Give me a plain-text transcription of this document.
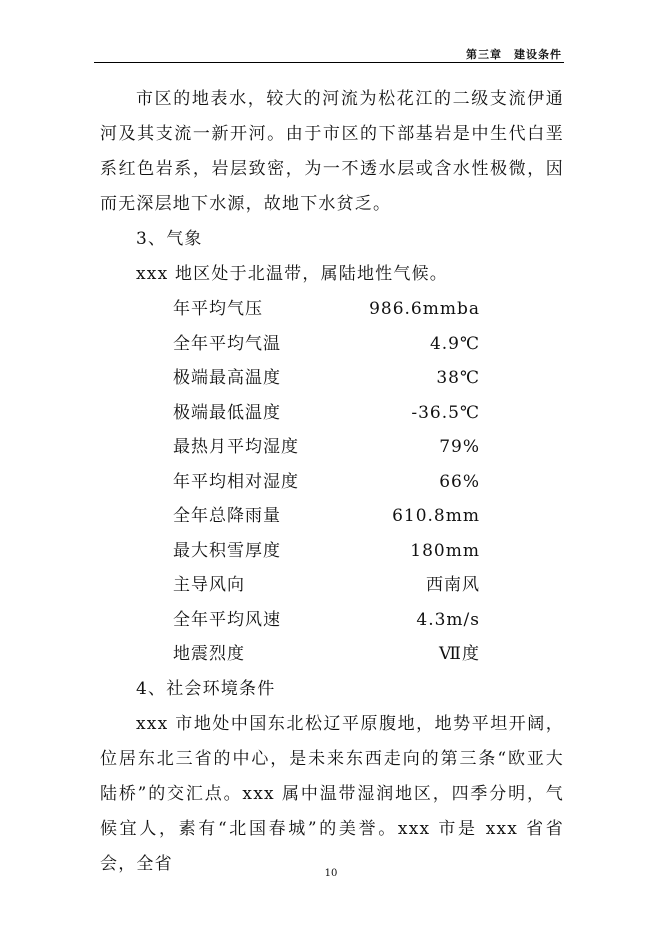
第三章　建设条件

市区的地表水，较大的河流为松花江的二级支流伊通河及其支流一新开河。由于市区的下部基岩是中生代白垩系红色岩系，岩层致密，为一不透水层或含水性极微，因而无深层地下水源，故地下水贫乏。

3、气象

xxx 地区处于北温带，属陆地性气候。

年平均气压	986.6mmba
全年平均气温	4.9℃
极端最高温度	38℃
极端最低温度	-36.5℃
最热月平均湿度	79%
年平均相对湿度	66%
全年总降雨量	610.8mm
最大积雪厚度	180mm
主导风向	西南风
全年平均风速	4.3m/s
地震烈度	Ⅶ度

4、社会环境条件

xxx 市地处中国东北松辽平原腹地，地势平坦开阔，位居东北三省的中心，是未来东西走向的第三条“欧亚大陆桥”的交汇点。xxx 属中温带湿润地区，四季分明，气候宜人，素有“北国春城”的美誉。xxx 市是 xxx 省省会，全省	10
